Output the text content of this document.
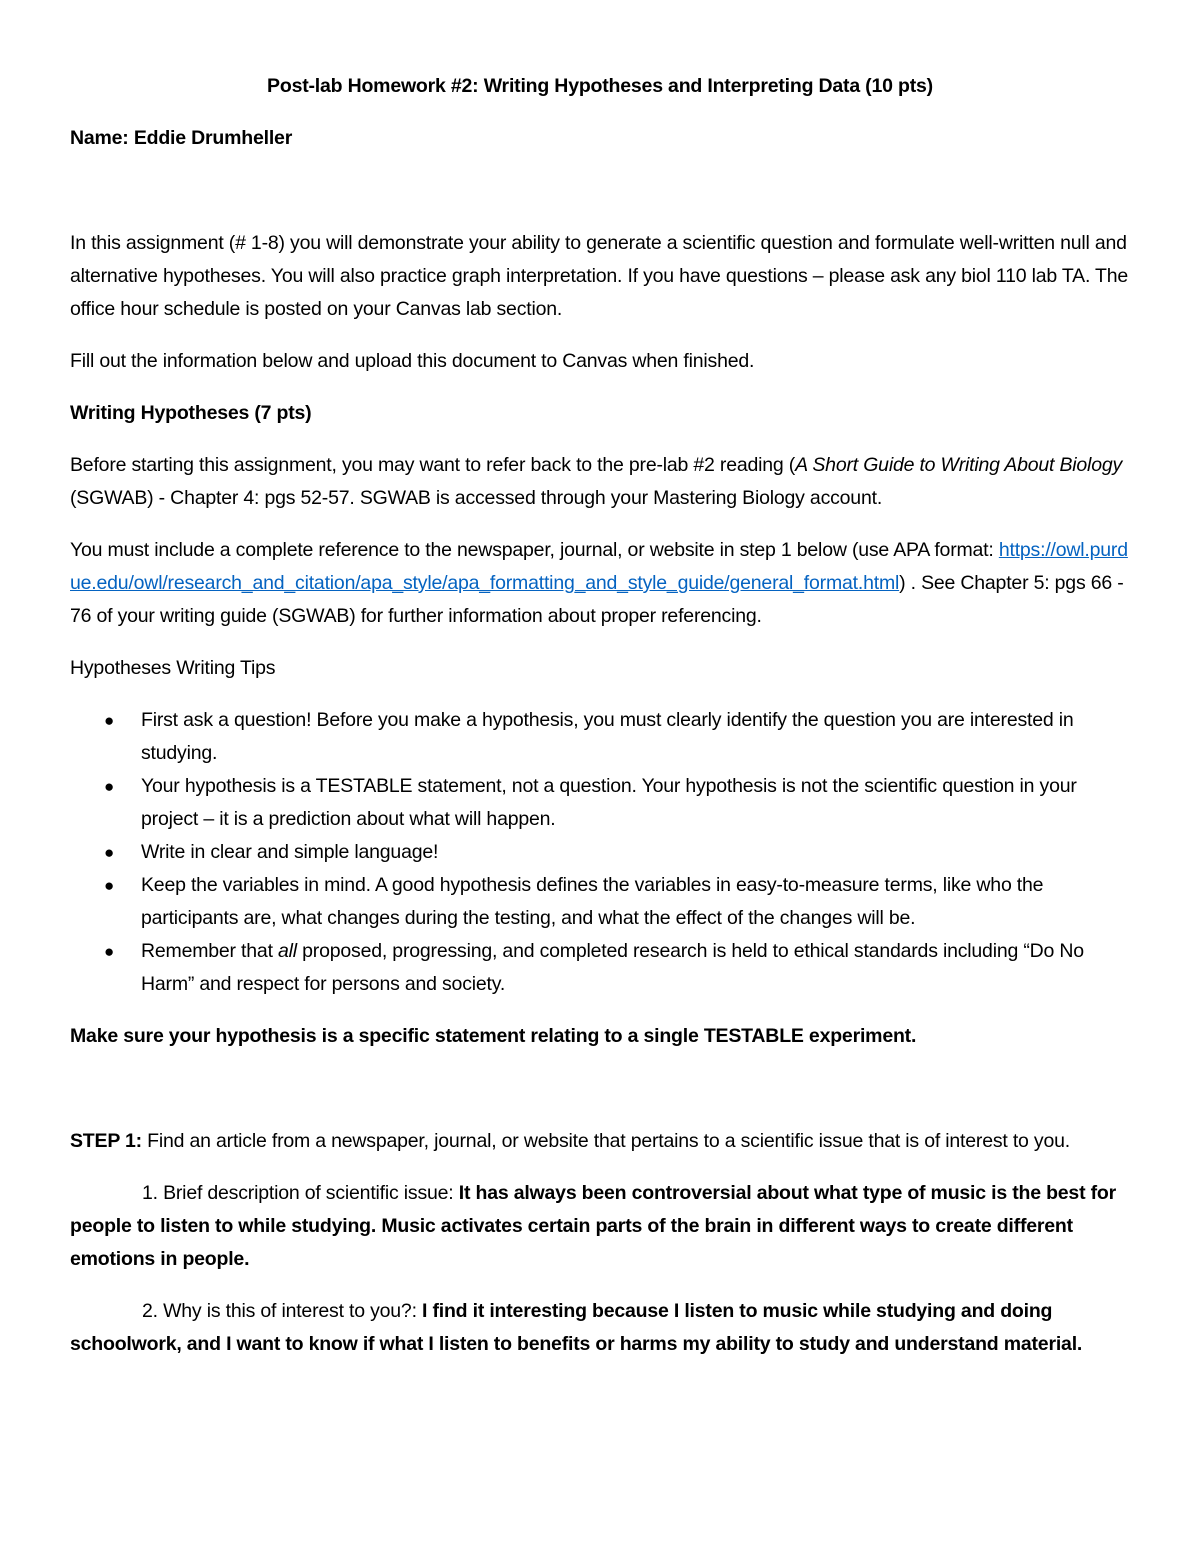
Post-lab Homework #2: Writing Hypotheses and Interpreting Data (10 pts)

Name: Eddie Drumheller

In this assignment (# 1-8) you will demonstrate your ability to generate a scientific question and formulate well-written null and alternative hypotheses. You will also practice graph interpretation. If you have questions – please ask any biol 110 lab TA. The office hour schedule is posted on your Canvas lab section.

Fill out the information below and upload this document to Canvas when finished.

Writing Hypotheses (7 pts)

Before starting this assignment, you may want to refer back to the pre-lab #2 reading (A Short Guide to Writing About Biology (SGWAB) - Chapter 4: pgs 52-57. SGWAB is accessed through your Mastering Biology account.

You must include a complete reference to the newspaper, journal, or website in step 1 below (use APA format: https://owl.purdue.edu/owl/research_and_citation/apa_style/apa_formatting_and_style_guide/general_format.html) . See Chapter 5: pgs 66 - 76 of your writing guide (SGWAB) for further information about proper referencing.

Hypotheses Writing Tips

● First ask a question! Before you make a hypothesis, you must clearly identify the question you are interested in studying.
● Your hypothesis is a TESTABLE statement, not a question. Your hypothesis is not the scientific question in your project – it is a prediction about what will happen.
● Write in clear and simple language!
● Keep the variables in mind. A good hypothesis defines the variables in easy-to-measure terms, like who the participants are, what changes during the testing, and what the effect of the changes will be.
● Remember that all proposed, progressing, and completed research is held to ethical standards including “Do No Harm” and respect for persons and society.

Make sure your hypothesis is a specific statement relating to a single TESTABLE experiment.

STEP 1: Find an article from a newspaper, journal, or website that pertains to a scientific issue that is of interest to you.

1. Brief description of scientific issue: It has always been controversial about what type of music is the best for people to listen to while studying. Music activates certain parts of the brain in different ways to create different emotions in people.

2. Why is this of interest to you?: I find it interesting because I listen to music while studying and doing schoolwork, and I want to know if what I listen to benefits or harms my ability to study and understand material.
